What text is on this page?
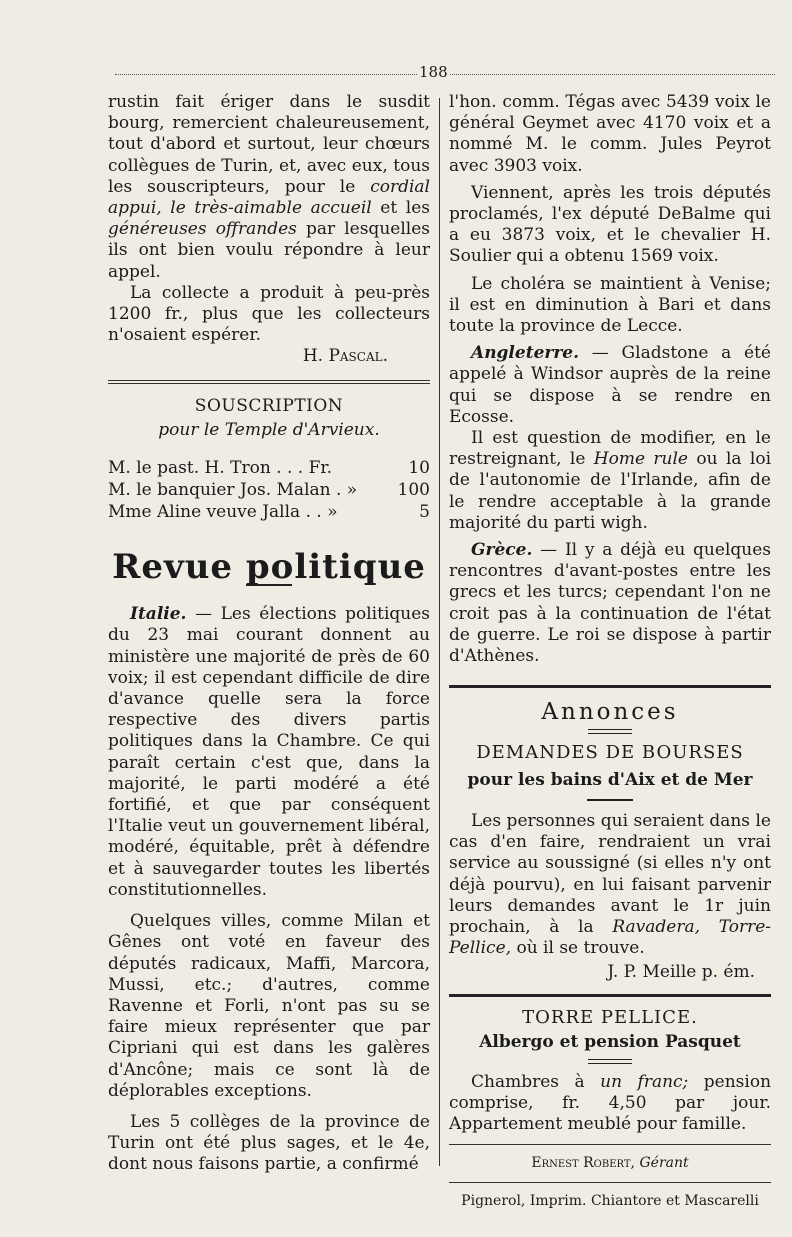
188

rustin fait ériger dans le susdit bourg, remercient chaleureusement, tout d'abord et surtout, leur chœurs collègues de Turin, et, avec eux, tous les souscripteurs, pour le cordial appui, le très-aimable accueil et les généreuses offrandes par lesquelles ils ont bien voulu répondre à leur appel.

La collecte a produit à peu-près 1200 fr., plus que les collecteurs n'osaient espérer.

H. Pascal.

SOUSCRIPTION
pour le Temple d'Arvieux.
M. le past. H. Tron . . . Fr.	10
M. le banquier Jos. Malan . »	100
Mme Aline veuve Jalla . . »	5
Revue politique

Italie. — Les élections politiques du 23 mai courant donnent au ministère une majorité de près de 60 voix; il est cependant difficile de dire d'avance quelle sera la force respective des divers partis politiques dans la Chambre. Ce qui paraît certain c'est que, dans la majorité, le parti modéré a été fortifié, et que par conséquent l'Italie veut un gouvernement libéral, modéré, équitable, prêt à défendre et à sauvegarder toutes les libertés constitutionnelles.

Quelques villes, comme Milan et Gênes ont voté en faveur des députés radicaux, Maffi, Marcora, Mussi, etc.; d'autres, comme Ravenne et Forli, n'ont pas su se faire mieux représenter que par Cipriani qui est dans les galères d'Ancône; mais ce sont là de déplorables exceptions.

Les 5 collèges de la province de Turin ont été plus sages, et le 4e, dont nous faisons partie, a confirmé

l'hon. comm. Tégas avec 5439 voix le général Geymet avec 4170 voix et a nommé M. le comm. Jules Peyrot avec 3903 voix.

Viennent, après les trois députés proclamés, l'ex député DeBalme qui a eu 3873 voix, et le chevalier H. Soulier qui a obtenu 1569 voix.

Le choléra se maintient à Venise; il est en diminution à Bari et dans toute la province de Lecce.

Angleterre. — Gladstone a été appelé à Windsor auprès de la reine qui se dispose à se rendre en Ecosse.

Il est question de modifier, en le restreignant, le Home rule ou la loi de l'autonomie de l'Irlande, afin de le rendre acceptable à la grande majorité du parti wigh.

Grèce. — Il y a déjà eu quelques rencontres d'avant-postes entre les grecs et les turcs; cependant l'on ne croit pas à la continuation de l'état de guerre. Le roi se dispose à partir d'Athènes.

Annonces
DEMANDES DE BOURSES
pour les bains d'Aix et de Mer

Les personnes qui seraient dans le cas d'en faire, rendraient un vrai service au soussigné (si elles n'y ont déjà pourvu), en lui faisant parvenir leurs demandes avant le 1r juin prochain, à la Ravadera, Torre-Pellice, où il se trouve.

J. P. Meille p. ém.

TORRE PELLICE.
Albergo et pension Pasquet

Chambres à un franc; pension comprise, fr. 4,50 par jour. Appartement meublé pour famille.

Ernest Robert, Gérant
Pignerol, Imprim. Chiantore et Mascarelli
